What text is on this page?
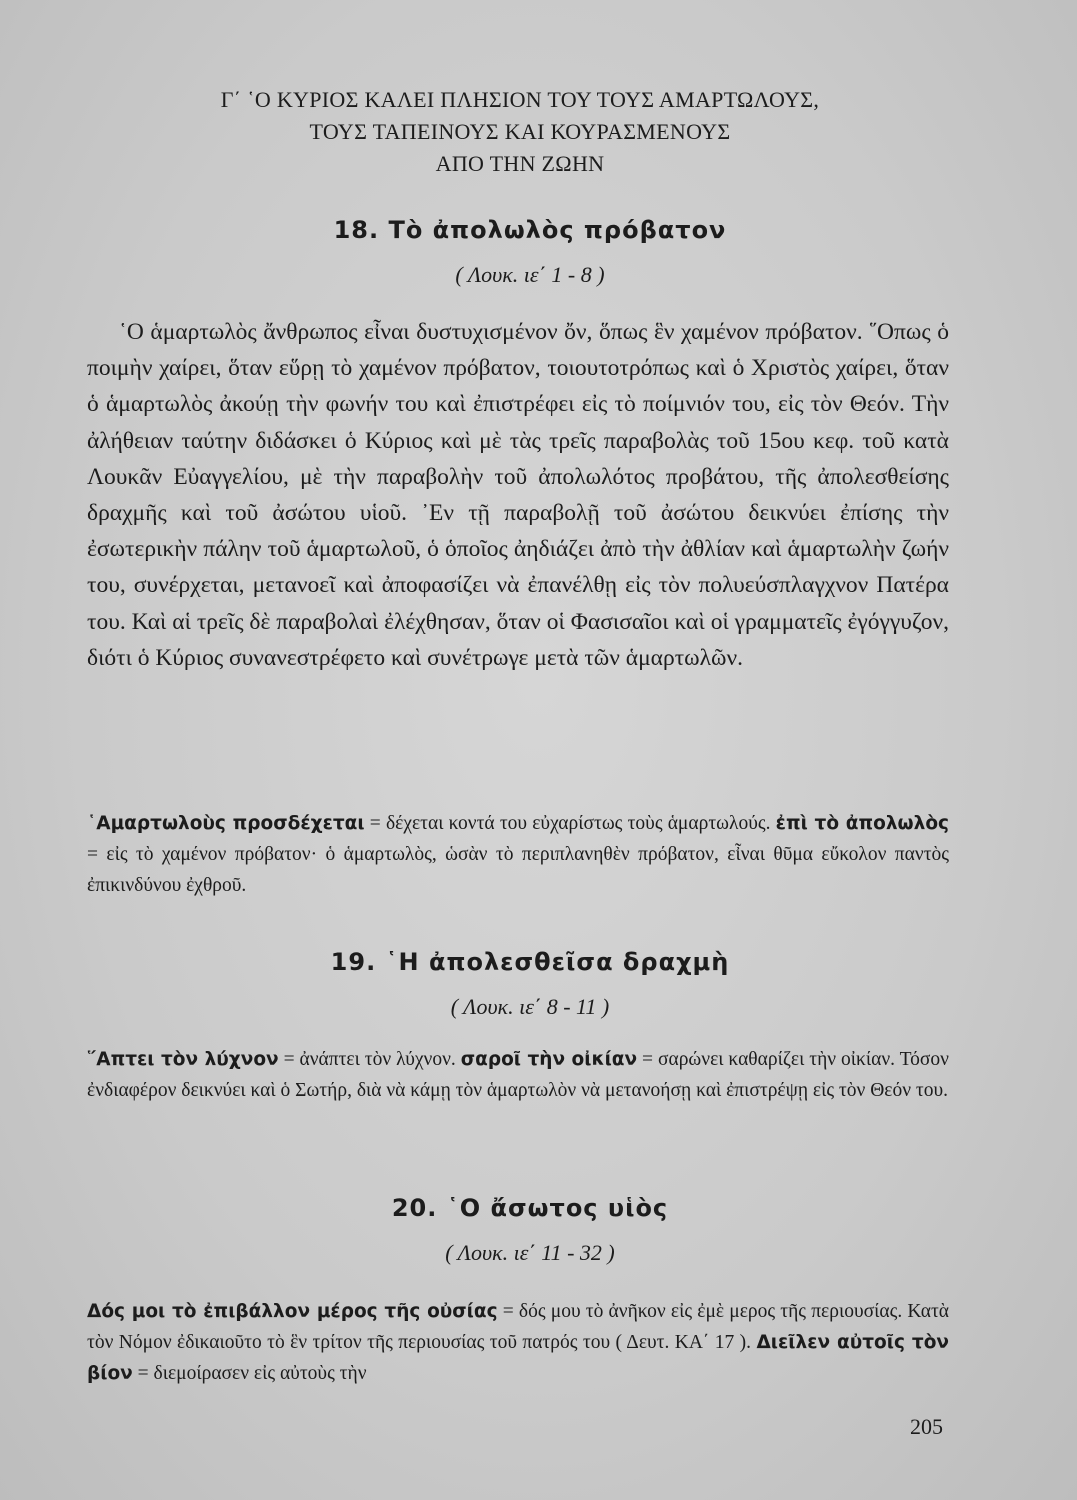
Γ΄ ῾Ο ΚΥΡΙΟΣ ΚΑΛΕΙ ΠΛΗΣΙΟΝ ΤΟΥ ΤΟΥΣ ΑΜΑΡΤΩΛΟΥΣ,
ΤΟΥΣ ΤΑΠΕΙΝΟΥΣ ΚΑΙ ΚΟΥΡΑΣΜΕΝΟΥΣ
ΑΠΟ ΤΗΝ ΖΩΗΝ
18. Τὸ ἀπολωλὸς πρόβατον
( Λουκ. ιε΄ 1 - 8 )

῾Ο ἁμαρτωλὸς ἄνθρωπος εἶναι δυστυχισμένον ὄν, ὅπως ἓν χαμένον πρόβατον. ῞Οπως ὁ ποιμὴν χαίρει, ὅταν εὕρῃ τὸ χαμένον πρόβατον, τοιουτοτρόπως καὶ ὁ Χριστὸς χαίρει, ὅταν ὁ ἁμαρτωλὸς ἀκούῃ τὴν φωνήν του καὶ ἐπιστρέφει εἰς τὸ ποίμνιόν του, εἰς τὸν Θεόν. Τὴν ἀλήθειαν ταύτην διδάσκει ὁ Κύριος καὶ μὲ τὰς τρεῖς παραβολὰς τοῦ 15ου κεφ. τοῦ κατὰ Λουκᾶν Εὐαγγελίου, μὲ τὴν παραβολὴν τοῦ ἀπολωλότος προβάτου, τῆς ἀπολεσθείσης δραχμῆς καὶ τοῦ ἀσώτου υἱοῦ. ᾿Εν τῇ παραβολῇ τοῦ ἀσώτου δεικνύει ἐπίσης τὴν ἐσωτερικὴν πάλην τοῦ ἁμαρτωλοῦ, ὁ ὁποῖος ἀηδιάζει ἀπὸ τὴν ἀθλίαν καὶ ἁμαρτωλὴν ζωήν του, συνέρχεται, μετανοεῖ καὶ ἀποφασίζει νὰ ἐπανέλθῃ εἰς τὸν πολυεύσπλαγχνον Πατέρα του. Καὶ αἱ τρεῖς δὲ παραβολαὶ ἐλέχθησαν, ὅταν οἱ Φασισαῖοι καὶ οἱ γραμματεῖς ἐγόγγυζον, διότι ὁ Κύριος συνανεστρέφετο καὶ συνέτρωγε μετὰ τῶν ἁμαρτωλῶν.

῾Αμαρτωλοὺς προσδέχεται = δέχεται κοντά του εὐχαρίστως τοὺς ἁμαρτωλούς. ἐπὶ τὸ ἀπολωλὸς = εἰς τὸ χαμένον πρόβατον· ὁ ἁμαρτωλὸς, ὡσὰν τὸ περιπλανηθὲν πρόβατον, εἶναι θῦμα εὔκολον παντὸς ἐπικινδύνου ἐχθροῦ.

19. ῾Η ἀπολεσθεῖσα δραχμὴ
( Λουκ. ιε΄ 8 - 11 )

῞Απτει τὸν λύχνον = ἀνάπτει τὸν λύχνον. σαροῖ τὴν οἰκίαν = σαρώνει καθαρίζει τὴν οἰκίαν. Τόσον ἐνδιαφέρον δεικνύει καὶ ὁ Σωτήρ, διὰ νὰ κάμῃ τὸν ἁμαρτωλὸν νὰ μετανοήσῃ καὶ ἐπιστρέψῃ εἰς τὸν Θεόν του.

20. ῾Ο ἄσωτος υἱὸς
( Λουκ. ιε΄ 11 - 32 )

Δός μοι τὸ ἐπιβάλλον μέρος τῆς οὐσίας = δός μου τὸ ἀνῆκον εἰς ἐμὲ μερος τῆς περιουσίας. Κατὰ τὸν Νόμον ἐδικαιοῦτο τὸ ἓν τρίτον τῆς περιουσίας τοῦ πατρός του ( Δευτ. ΚΑ΄ 17 ). Διεῖλεν αὐτοῖς τὸν βίον = διεμοίρασεν εἰς αὐτοὺς τὴν

205
